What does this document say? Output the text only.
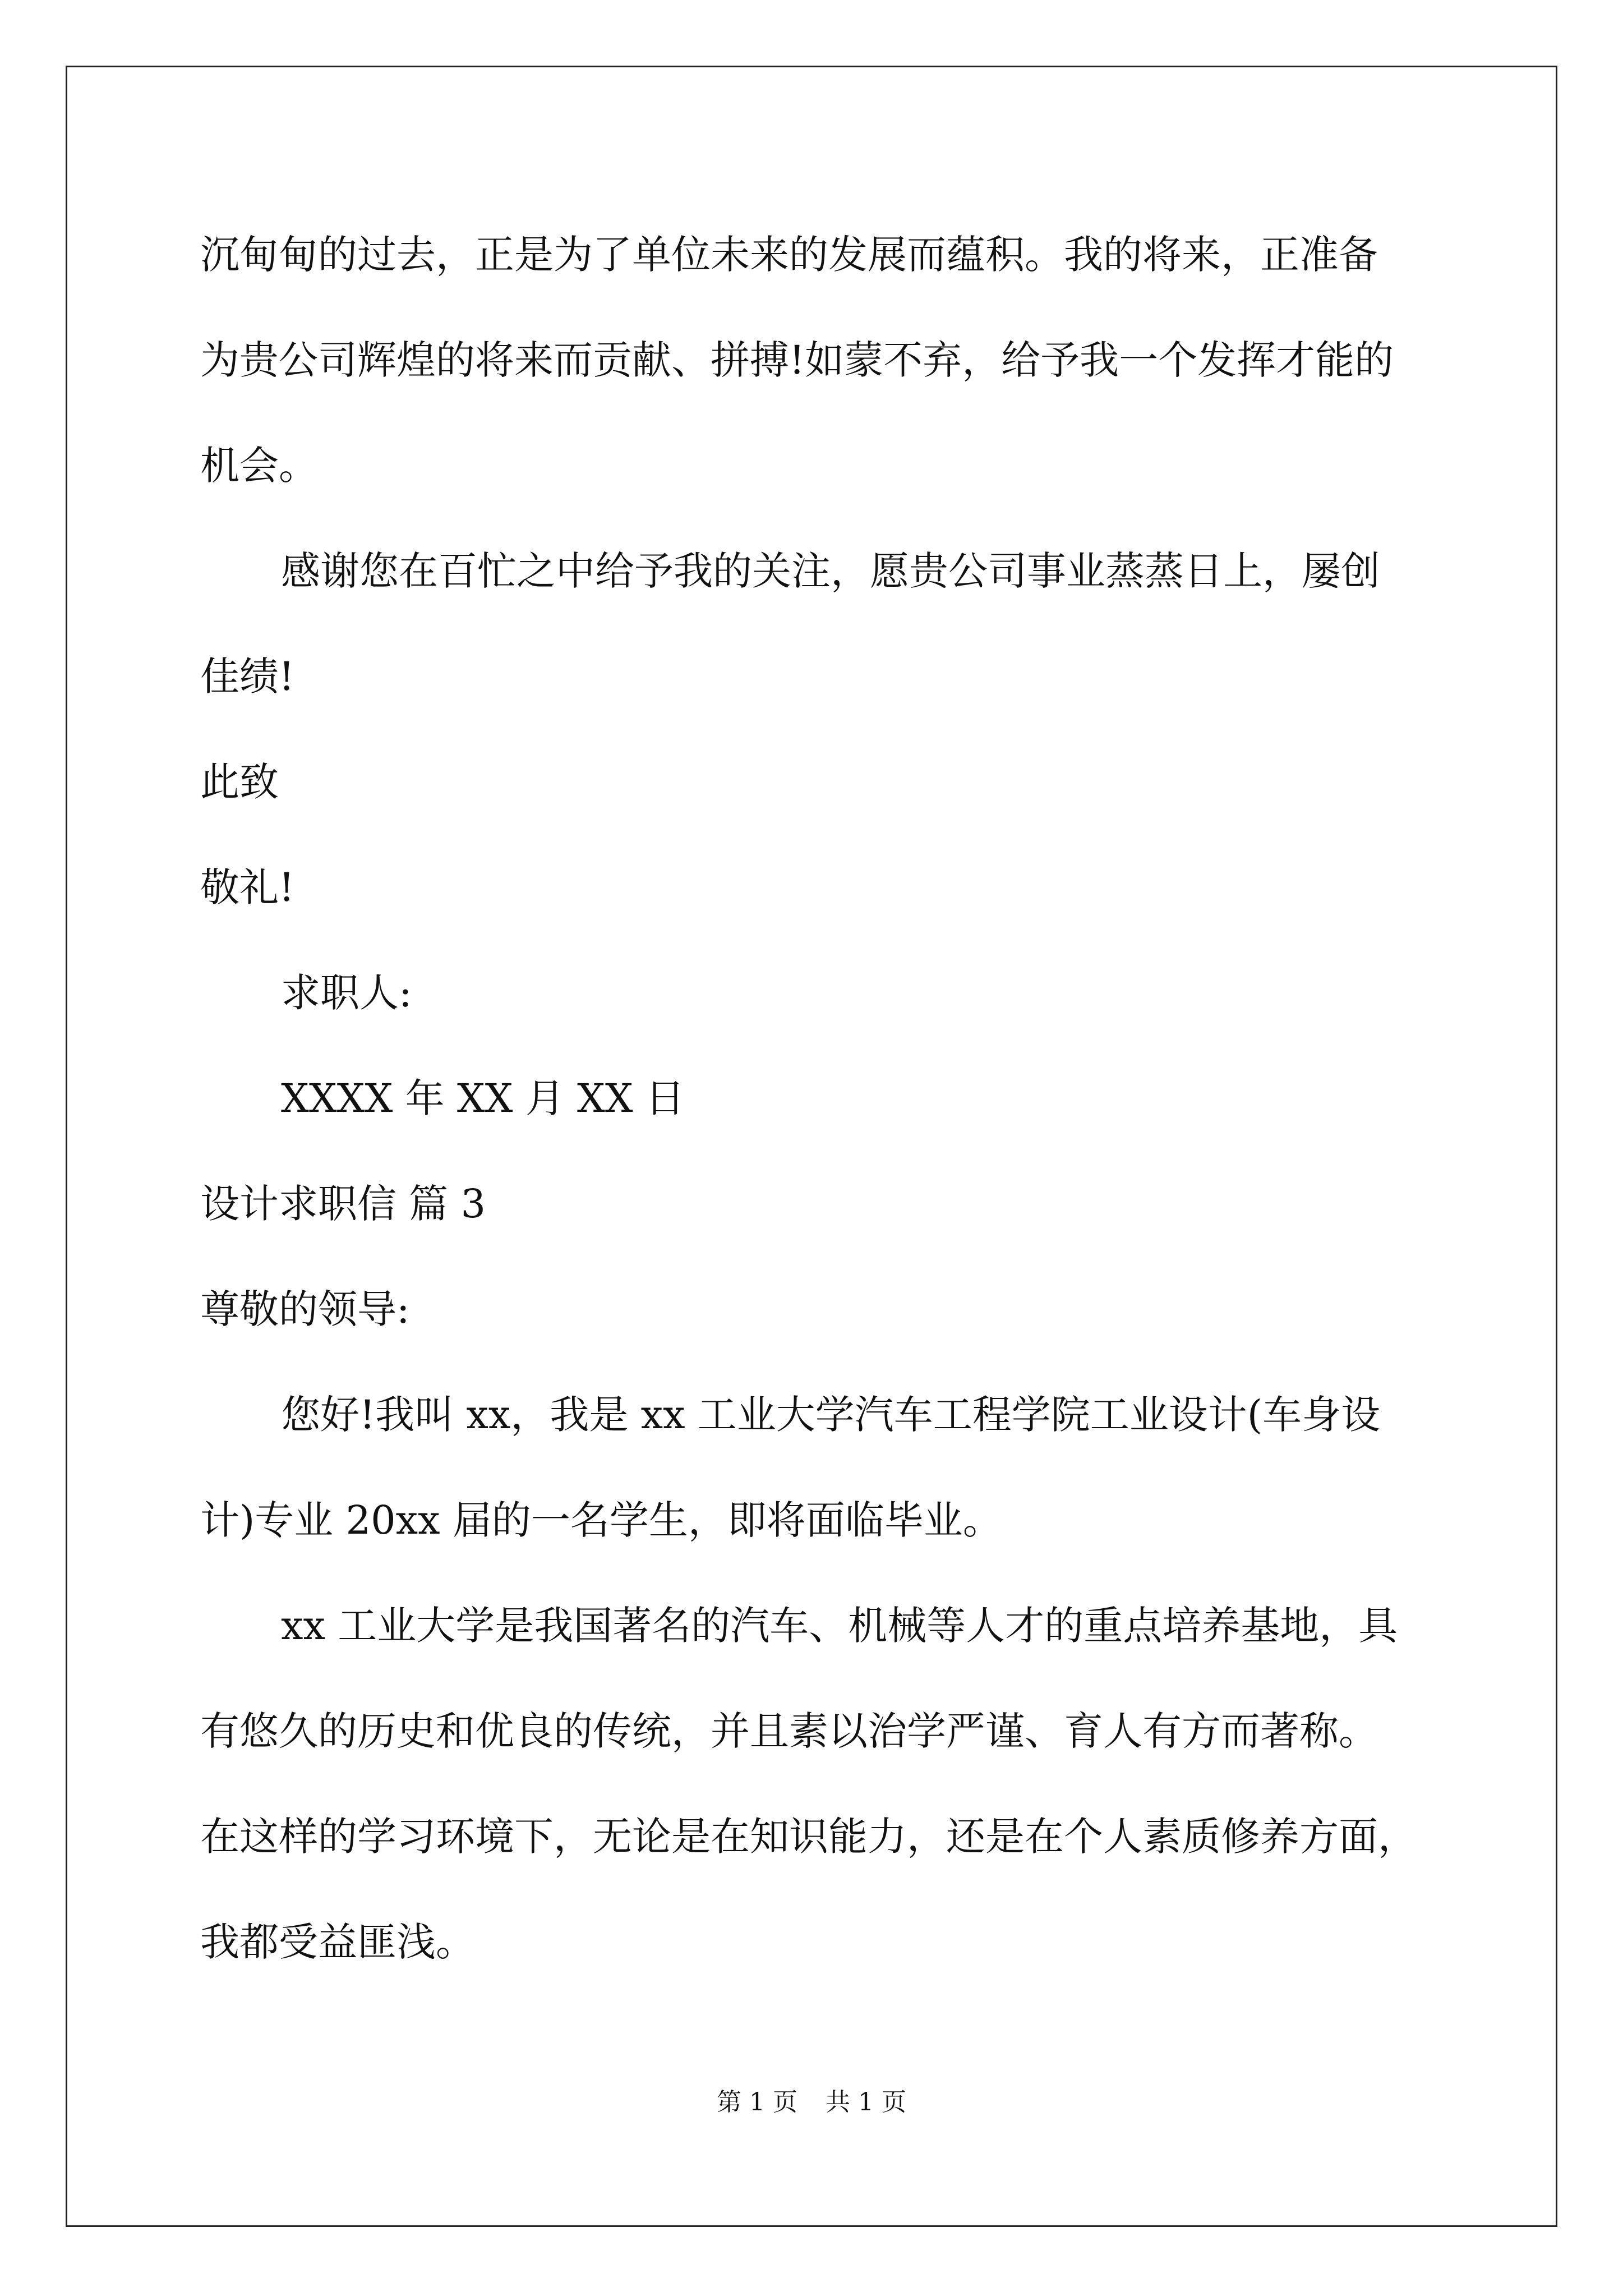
沉甸甸的过去，正是为了单位未来的发展而蕴积。我的将来，正准备
为贵公司辉煌的将来而贡献、拼搏!如蒙不弃，给予我一个发挥才能的
机会。
感谢您在百忙之中给予我的关注，愿贵公司事业蒸蒸日上，屡创
佳绩!
此致
敬礼!
求职人:
XXXX 年 XX 月 XX 日
设计求职信 篇 3
尊敬的领导:
您好!我叫 xx，我是 xx 工业大学汽车工程学院工业设计(车身设
计)专业 20xx 届的一名学生，即将面临毕业。
xx 工业大学是我国著名的汽车、机械等人才的重点培养基地，具
有悠久的历史和优良的传统，并且素以治学严谨、育人有方而著称。
在这样的学习环境下，无论是在知识能力，还是在个人素质修养方面，
我都受益匪浅。
第 1 页 共 1 页
